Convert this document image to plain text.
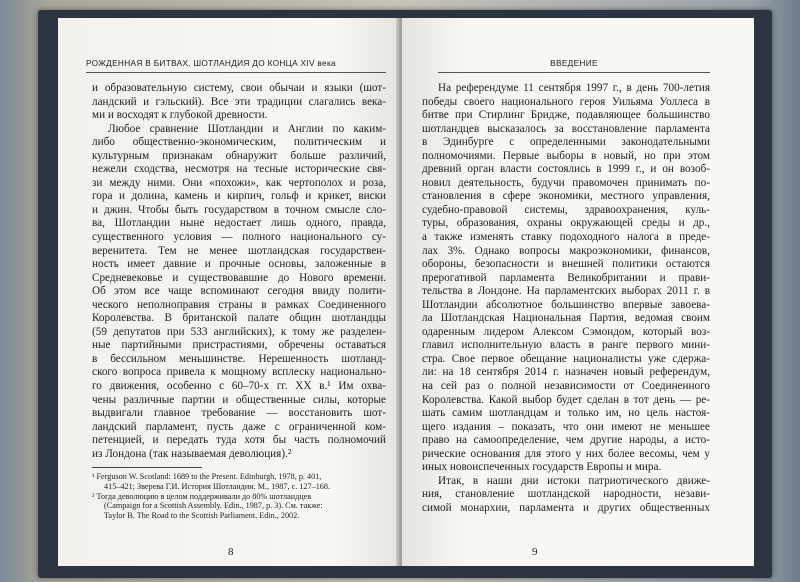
РОЖДЕННАЯ В БИТВАХ. ШОТЛАНДИЯ ДО КОНЦА XIV века
и образовательную систему, свои обычаи и языки (шот-
ландский и гэльский). Все эти традиции слагались века-
ми и восходят к глубокой древности.
Любое сравнение Шотландии и Англии по каким-
либо общественно-экономическим, политическим и
культурным признакам обнаружит больше различий,
нежели сходства, несмотря на тесные исторические свя-
зи между ними. Они «похожи», как чертополох и роза,
гора и долина, камень и кирпич, гольф и крикет, виски
и джин. Чтобы быть государством в точном смысле сло-
ва, Шотландии ныне недостает лишь одного, правда,
существенного условия — полного национального су-
веренитета. Тем не менее шотландская государствен-
ность имеет давние и прочные основы, заложенные в
Средневековье и существовавшие до Нового времени.
Об этом все чаще вспоминают сегодня ввиду полити-
ческого неполноправия страны в рамках Соединенного
Королевства. В британской палате общин шотландцы
(59 депутатов при 533 английских), к тому же разделен-
ные партийными пристрастиями, обречены оставаться
в бессильном меньшинстве. Нерешенность шотланд-
ского вопроса привела к мощному всплеску национально-
го движения, особенно с 60–70-х гг. XX в.¹ Им охва-
чены различные партии и общественные силы, которые
выдвигали главное требование — восстановить шот-
ландский парламент, пусть даже с ограниченной ком-
петенцией, и передать туда хотя бы часть полномочий
из Лондона (так называемая деволюция).²
¹ Ferguson W. Scotland: 1689 to the Present. Edinburgh, 1978, p. 401,
415–421; Зверева Г.И. История Шотландии. М., 1987, с. 127–168.
² Тогда деволюцию в целом поддерживали до 80% шотландцев
(Campaign for a Scottish Assembly. Edin., 1987, p. 3). См. также:
Taylor B. The Road to the Scottish Parliament. Edin., 2002.
8
ВВЕДЕНИЕ
На референдуме 11 сентября 1997 г., в день 700-летия
победы своего национального героя Уильяма Уоллеса в
битве при Стирлинг Бридже, подавляющее большинство
шотландцев высказалось за восстановление парламента
в Эдинбурге с определенными законодательными
полномочиями. Первые выборы в новый, но при этом
древний орган власти состоялись в 1999 г., и он возоб-
новил деятельность, будучи правомочен принимать по-
становления в сфере экономики, местного управления,
судебно-правовой системы, здравоохранения, куль-
туры, образования, охраны окружающей среды и др.,
а также изменять ставку подоходного налога в преде-
лах 3%. Однако вопросы макроэкономики, финансов,
обороны, безопасности и внешней политики остаются
прерогативой парламента Великобритании и прави-
тельства в Лондоне. На парламентских выборах 2011 г. в
Шотландии абсолютное большинство впервые завоева-
ла Шотландская Национальная Партия, ведомая своим
одаренным лидером Алексом Сэмондом, который воз-
главил исполнительную власть в ранге первого мини-
стра. Свое первое обещание националисты уже сдержа-
ли: на 18 сентября 2014 г. назначен новый референдум,
на сей раз о полной независимости от Соединенного
Королевства. Какой выбор будет сделан в тот день — ре-
шать самим шотландцам и только им, но цель настоя-
щего издания – показать, что они имеют не меньшее
право на самоопределение, чем другие народы, а исто-
рические основания для этого у них более весомы, чем у
иных новоиспеченных государств Европы и мира.
Итак, в наши дни истоки патриотического движе-
ния, становление шотландской народности, незави-
симой монархии, парламента и других общественных
9
